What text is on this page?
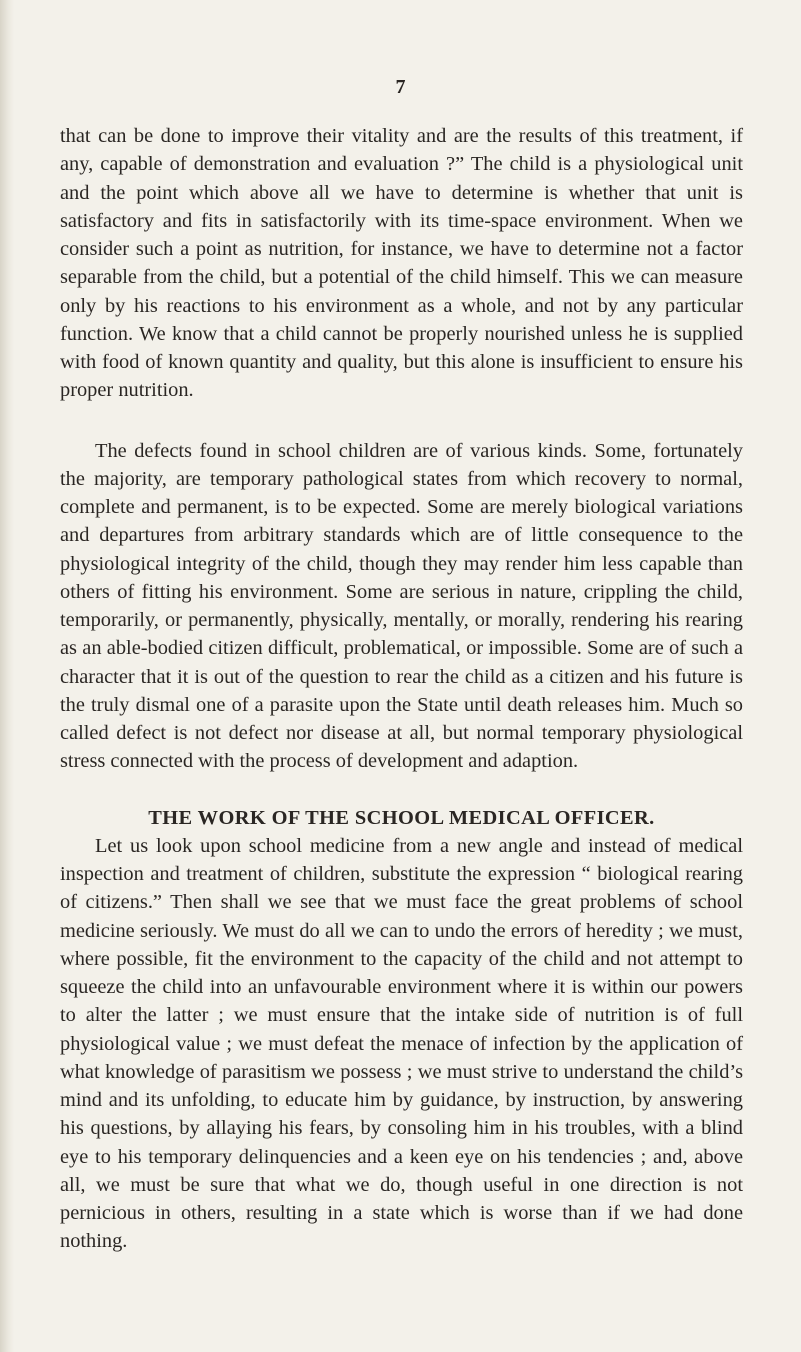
7

that can be done to improve their vitality and are the results of this treatment, if any, capable of demonstration and evaluation ?” The child is a physiological unit and the point which above all we have to determine is whether that unit is satisfactory and fits in satisfactorily with its time-space environment. When we consider such a point as nutrition, for instance, we have to determine not a factor separable from the child, but a potential of the child himself. This we can measure only by his reactions to his environment as a whole, and not by any particular function. We know that a child cannot be properly nourished unless he is supplied with food of known quantity and quality, but this alone is insufficient to ensure his proper nutrition.

The defects found in school children are of various kinds. Some, fortunately the majority, are temporary pathological states from which recovery to normal, complete and permanent, is to be expected. Some are merely biological variations and departures from arbitrary standards which are of little consequence to the physiological integrity of the child, though they may render him less capable than others of fitting his environment. Some are serious in nature, crippling the child, temporarily, or permanently, physically, mentally, or morally, rendering his rearing as an able-bodied citizen difficult, problematical, or impossible. Some are of such a character that it is out of the question to rear the child as a citizen and his future is the truly dismal one of a parasite upon the State until death releases him. Much so called defect is not defect nor disease at all, but normal temporary physiological stress connected with the process of development and adaption.

THE WORK OF THE SCHOOL MEDICAL OFFICER.

Let us look upon school medicine from a new angle and instead of medical inspection and treatment of children, substitute the expression “ biological rearing of citizens.” Then shall we see that we must face the great problems of school medicine seriously. We must do all we can to undo the errors of heredity ; we must, where possible, fit the environment to the capacity of the child and not attempt to squeeze the child into an unfavourable environment where it is within our powers to alter the latter ; we must ensure that the intake side of nutrition is of full physiological value ; we must defeat the menace of infection by the application of what knowledge of parasitism we possess ; we must strive to understand the child’s mind and its unfolding, to educate him by guidance, by instruction, by answering his questions, by allaying his fears, by consoling him in his troubles, with a blind eye to his temporary delinquencies and a keen eye on his tendencies ; and, above all, we must be sure that what we do, though useful in one direction is not pernicious in others, resulting in a state which is worse than if we had done nothing.
